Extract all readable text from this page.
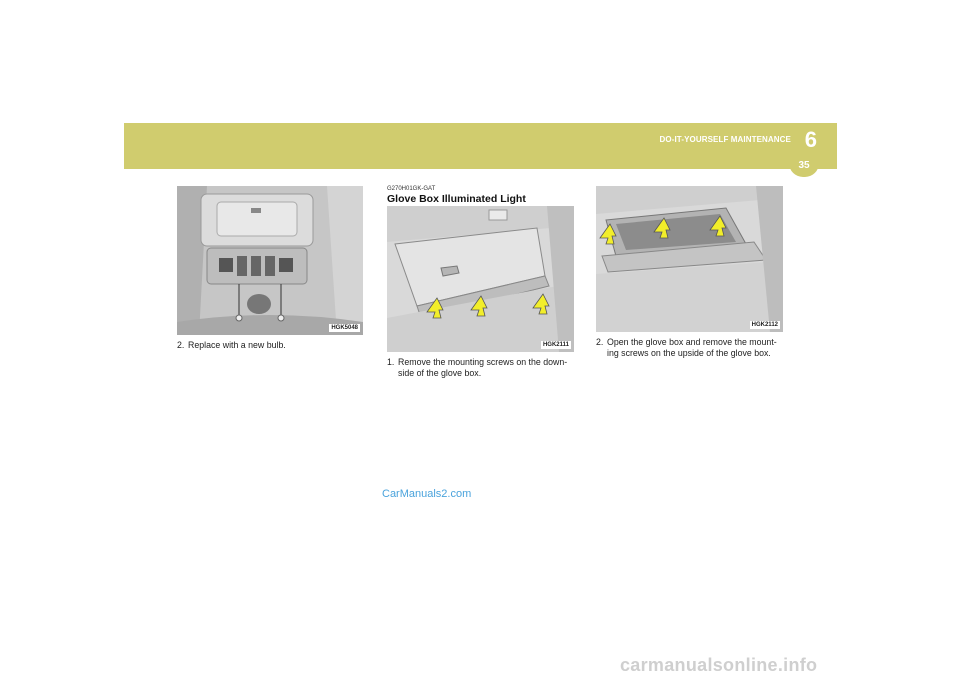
DO-IT-YOURSELF MAINTENANCE 6
35
HGK5048
2. Replace with a new bulb.
G270H01GK-GAT
Glove Box Illuminated Light
HGK2111
1. Remove the mounting screws on the down-side of the glove box.
HGK2112
2. Open the glove box and remove the mount-ing screws on the upside of the glove box.
CarManuals2.com
carmanualsonline.info
